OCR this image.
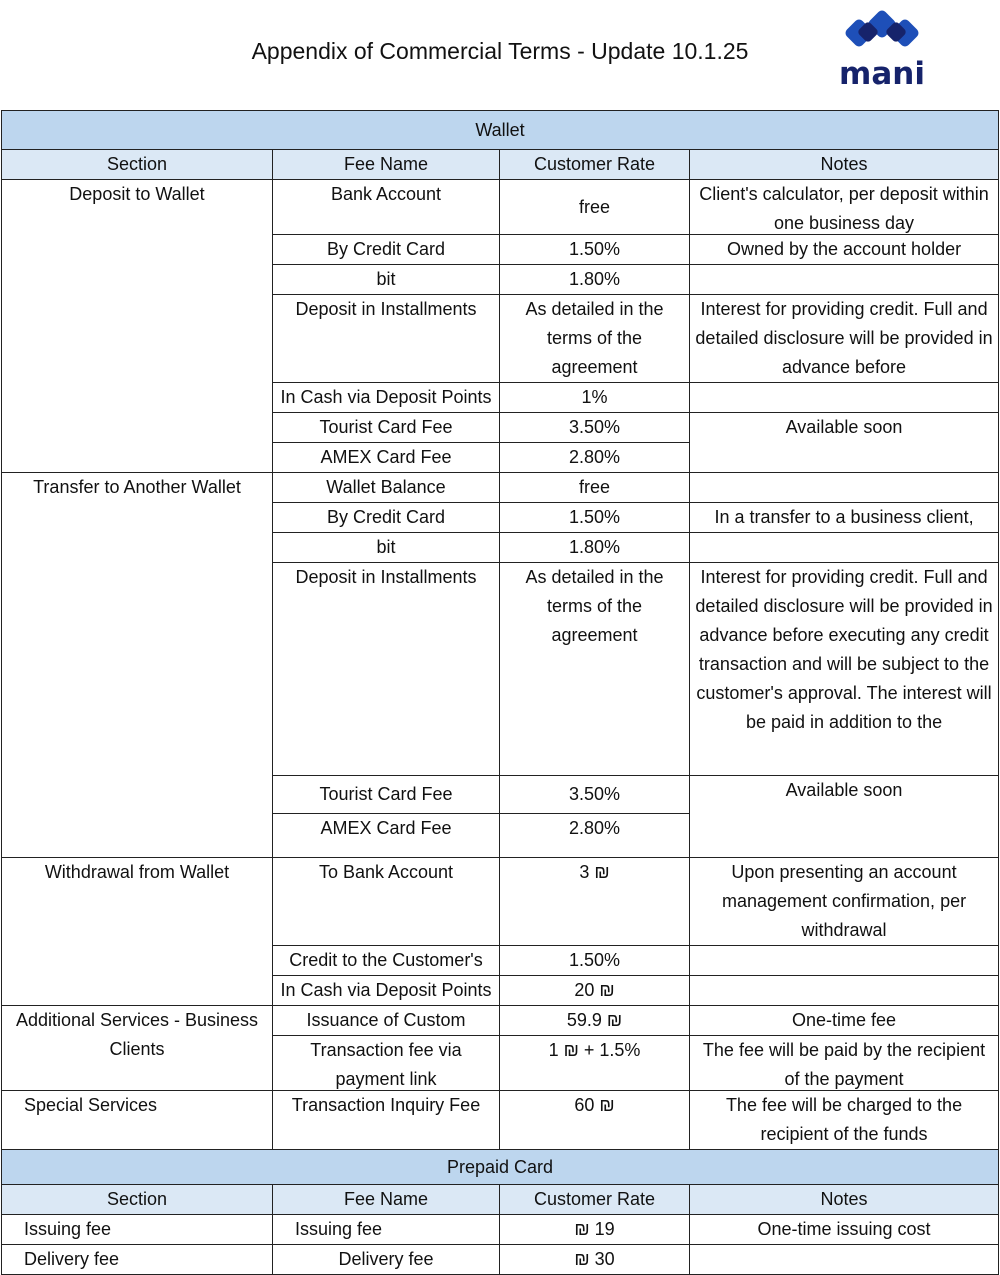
Appendix of Commercial Terms - Update 10.1.25
mani
Wallet			
Section	Fee Name	Customer Rate	Notes
Deposit to Wallet	Bank Account	free	Client's calculator, per deposit within one business day

	By Credit Card	1.50%	Owned by the account holder
	bit	1.80%	
	Deposit in Installments	As detailed in the terms of the agreement	Interest for providing credit. Full and detailed disclosure will be provided in advance before
	In Cash via Deposit Points	1%	
	Tourist Card Fee	3.50%	Available soon
	AMEX Card Fee	2.80%	
Transfer to Another Wallet	Wallet Balance	free	
	By Credit Card	1.50%	In a transfer to a business client,
	bit	1.80%	
	Deposit in Installments	As detailed in the terms of the agreement	Interest for providing credit. Full and detailed disclosure will be provided in advance before executing any credit transaction and will be subject to the customer's approval. The interest will be paid in addition to the
	Tourist Card Fee	3.50%	Available soon
	AMEX Card Fee	2.80%	
Withdrawal from Wallet	To Bank Account	3 ₪	Upon presenting an account management confirmation, per withdrawal
	Credit to the Customer's	1.50%	
	In Cash via Deposit Points	20 ₪	
Additional Services - Business Clients	Issuance of Custom	59.9 ₪	One-time fee

	Transaction fee via payment link	1 ₪ + 1.5%	The fee will be paid by the recipient of the payment

Special Services	Transaction Inquiry Fee	60 ₪	The fee will be charged to the recipient of the funds
Prepaid Card			
Section	Fee Name	Customer Rate	Notes
Issuing fee	Issuing fee	₪ 19	One-time issuing cost
Delivery fee	Delivery fee	₪ 30	
